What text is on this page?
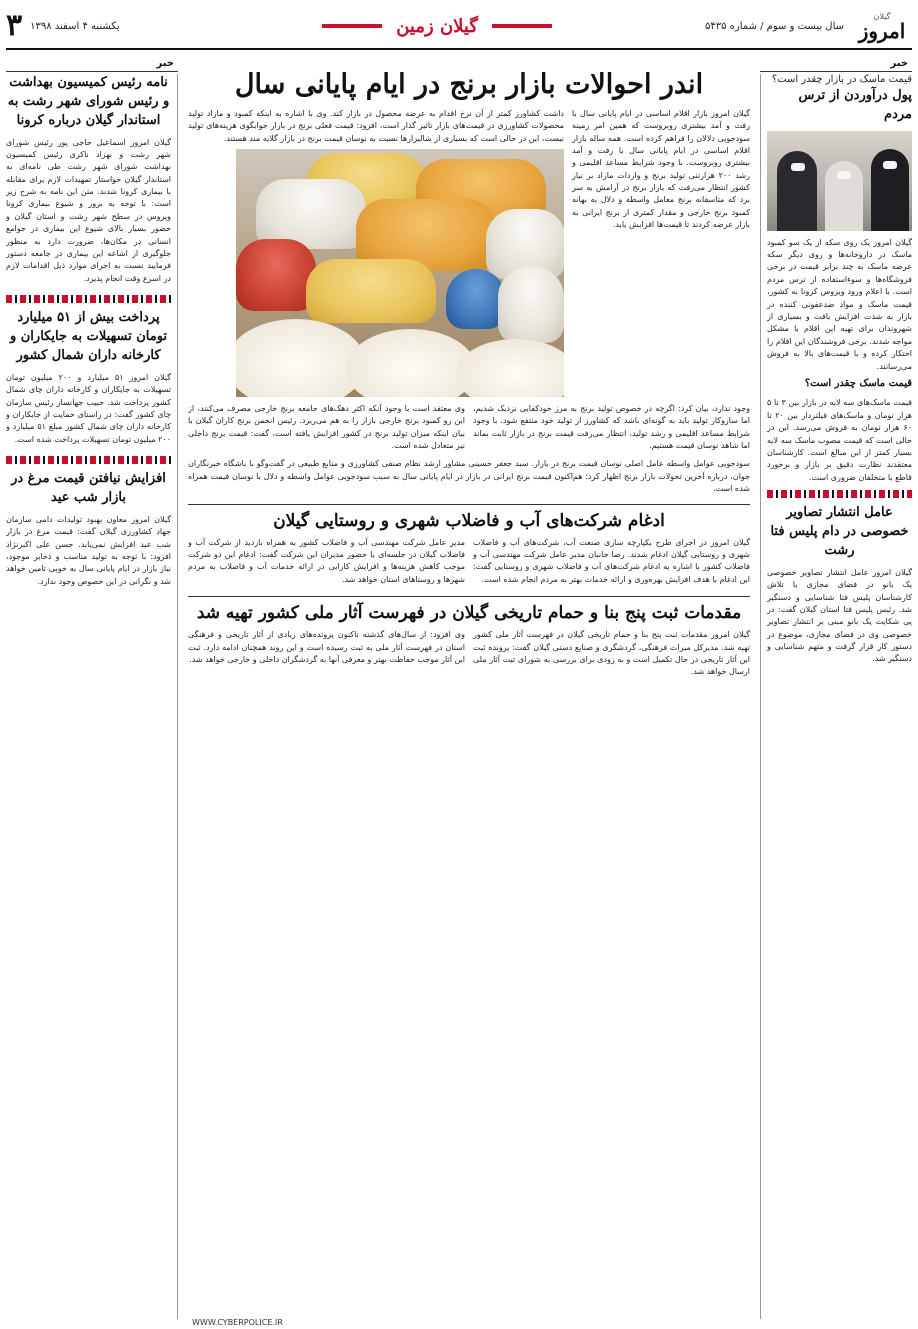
گیلان
امروز
سال بیست و سوم / شماره ۵۴۳۵
گیلان زمین
یکشنبه ۴ اسفند ۱۳۹۸
۳
خبر
خبر
قیمت ماسک در بازار چقدر است؟
پول درآوردن از ترس مردم

گیلان امروز یک روی سکه از یک سو کمبود ماسک در داروخانه‌ها و روی دیگر سکه عرضه ماسک به چند برابر قیمت در برخی فروشگاه‌ها و سوءاستفاده از ترس مردم است. با اعلام ورود ویروس کرونا به کشور، قیمت ماسک و مواد ضدعفونی کننده در بازار به شدت افزایش یافت و بسیاری از شهروندان برای تهیه این اقلام با مشکل مواجه شدند. برخی فروشندگان این اقلام را احتکار کرده و با قیمت‌های بالا به فروش می‌رسانند.

قیمت ماسک چقدر است؟

قیمت ماسک‌های سه لایه در بازار بین ۳ تا ۵ هزار تومان و ماسک‌های فیلتردار بین ۲۰ تا ۶۰ هزار تومان به فروش می‌رسد. این در حالی است که قیمت مصوب ماسک سه لایه بسیار کمتر از این مبالغ است. کارشناسان معتقدند نظارت دقیق بر بازار و برخورد قاطع با متخلفان ضروری است.

عامل انتشار تصاویر خصوصی در دام پلیس فتا رشت

گیلان امروز عامل انتشار تصاویر خصوصی یک بانو در فضای مجازی با تلاش کارشناسان پلیس فتا شناسایی و دستگیر شد. رئیس پلیس فتا استان گیلان گفت: در پی شکایت یک بانو مبنی بر انتشار تصاویر خصوصی وی در فضای مجازی، موضوع در دستور کار قرار گرفت و متهم شناسایی و دستگیر شد.

نامه رئیس کمیسیون بهداشت و رئیس شورای شهر رشت به استاندار گیلان درباره کرونا

گیلان امروز اسماعیل حاجی پور رئیس شورای شهر رشت و بهزاد ناکری رئیس کمیسیون بهداشت شورای شهر رشت طی نامه‌ای به استاندار گیلان خواستار تمهیدات لازم برای مقابله با بیماری کرونا شدند. متن این نامه به شرح زیر است: با توجه به بروز و شیوع بیماری کرونا ویروس در سطح شهر رشت و استان گیلان و حضور بسیار بالای شیوع این بیماری در جوامع انسانی در مکان‌ها، ضرورت دارد به منظور جلوگیری از اشاعه این بیماری در جامعه دستور فرمایید نسبت به اجرای موارد ذیل اقدامات لازم در اسرع وقت انجام پذیرد.

پرداخت بیش از ۵۱ میلیارد تومان تسهیلات به جایکاران و کارخانه داران شمال کشور

گیلان امروز ۵۱ میلیارد و ۲۰۰ میلیون تومان تسهیلات به جایکاران و کارخانه داران چای شمال کشور پرداخت شد. حبیب جهانساز رئیس سازمان چای کشور گفت: در راستای حمایت از جایکاران و کارخانه داران چای شمال کشور مبلغ ۵۱ میلیارد و ۲۰۰ میلیون تومان تسهیلات پرداخت شده است.

افزایش نیافتن قیمت مرغ در بازار شب عید

گیلان امروز معاون بهبود تولیدات دامی سازمان جهاد کشاورزی گیلان گفت: قیمت مرغ در بازار شب عید افزایش نمی‌یابد. حسن علی اکبرنژاد افزود: با توجه به تولید مناسب و ذخایر موجود، نیاز بازار در ایام پایانی سال به خوبی تامین خواهد شد و نگرانی در این خصوص وجود ندارد.

اندر احوالات بازار برنج در ایام پایانی سال

گیلان امروز بازار اقلام اساسی در ایام پایانی سال با رفت و آمد بیشتری روبروست که همین امر زمینه سودجویی دلالان را فراهم کرده است. همه ساله بازار اقلام اساسی در ایام پایانی سال با رفت و آمد بیشتری روبروست. با وجود شرایط مساعد اقلیمی و رشد ۲۰۰ هزارتنی تولید برنج و واردات مازاد بر نیاز کشور انتظار می‌رفت که بازار برنج در آرامش به سر برد که متاسفانه برنج معامل واسطه و دلال به بهانه کمبود برنج خارجی و مقدار کمتری از برنج ایرانی به بازار عرضه کردند تا قیمت‌ها افزایش یابد.

داشت کشاورز کمتر از آن نرخ اقدام به عرضه محصول در بازار کند. وی با اشاره به اینکه کمبود و مازاد تولید محصولات کشاورزی در قیمت‌های بازار تاثیر گذار است، افزود: قیمت فعلی برنج در بازار جوابگوی هزینه‌های تولید نیست، این در حالی است که بسیاری از شالیزارها نسبت به نوسان قیمت برنج در بازار گلایه مند هستند.

وجود ندارد، بیان کرد: اگرچه در خصوص تولید برنج به مرز خودکفایی نزدیک شدیم، اما سازوکار تولید باید به گونه‌ای باشد که کشاورز از تولید خود منتفع شود. با وجود شرایط مساعد اقلیمی و رشد تولید، انتظار می‌رفت قیمت برنج در بازار ثابت بماند اما شاهد نوسان قیمت هستیم.

وی معتقد است با وجود آنکه اکثر دهک‌های جامعه برنج خارجی مصرف می‌کنند، از این رو کمبود برنج خارجی بازار را به هم می‌ریزد. رئیس انجمن برنج کاران گیلان با بیان اینکه میزان تولید برنج در کشور افزایش یافته است، گفت: قیمت برنج داخلی نیز متعادل شده است.

سودجویی عوامل واسطه عامل اصلی نوسان قیمت برنج در بازار. سید جعفر حسینی مشاور ارشد نظام صنفی کشاورزی و منابع طبیعی در گفت‌وگو با باشگاه خبرنگاران جوان، درباره آخرین تحولات بازار برنج اظهار کرد: هم‌اکنون قیمت برنج ایرانی در بازار در ایام پایانی سال به سبب سودجویی عوامل واسطه و دلال با نوسان قیمت همراه شده است.

ادغام شرکت‌های آب و فاضلاب شهری و روستایی گیلان

گیلان امروز در اجرای طرح یکپارچه سازی صنعت آب، شرکت‌های آب و فاضلاب شهری و روستایی گیلان ادغام شدند. رضا جانبان مدیر عامل شرکت مهندسی آب و فاضلاب کشور با اشاره به ادغام شرکت‌های آب و فاضلاب شهری و روستایی گفت: این ادغام با هدف افزایش بهره‌وری و ارائه خدمات بهتر به مردم انجام شده است.

مدیر عامل شرکت مهندسی آب و فاضلاب کشور به همراه بازدید از شرکت آب و فاضلاب گیلان در جلسه‌ای با حضور مدیران این شرکت گفت: ادغام این دو شرکت موجب کاهش هزینه‌ها و افزایش کارایی در ارائه خدمات آب و فاضلاب به مردم شهرها و روستاهای استان خواهد شد.

مقدمات ثبت پنج بنا و حمام تاریخی گیلان در فهرست آثار ملی کشور تهیه شد

گیلان امروز مقدمات ثبت پنج بنا و حمام تاریخی گیلان در فهرست آثار ملی کشور تهیه شد. مدیرکل میراث فرهنگی، گردشگری و صنایع دستی گیلان گفت: پرونده ثبت این آثار تاریخی در حال تکمیل است و به زودی برای بررسی به شورای ثبت آثار ملی ارسال خواهد شد.

وی افزود: از سال‌های گذشته تاکنون پرونده‌های زیادی از آثار تاریخی و فرهنگی استان در فهرست آثار ملی به ثبت رسیده است و این روند همچنان ادامه دارد. ثبت این آثار موجب حفاظت بهتر و معرفی آنها به گردشگران داخلی و خارجی خواهد شد.

WWW.CYBERPOLICE.IR
